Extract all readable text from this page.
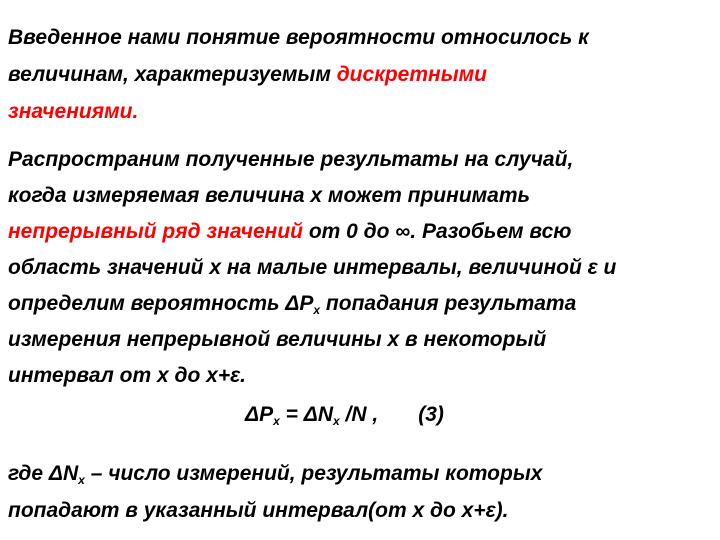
Введенное нами понятие вероятности относилось к
величинам, характеризуемым дискретными
значениями.
Распространим полученные результаты на случай,
когда измеряемая величина x может принимать
непрерывный ряд значений от 0 до ∞. Разобьем всю
область значений x на малые интервалы, величиной ε и
определим вероятность $\Delta P_x$ попадания результата
измерения непрерывной величины x в некоторый
интервал от x до x+ε.
$\Delta P_x = \Delta N_x$ /N , (3)
где $\Delta N_x$ – число измерений, результаты которых
попадают в указанный интервал(от x до x+ε).
